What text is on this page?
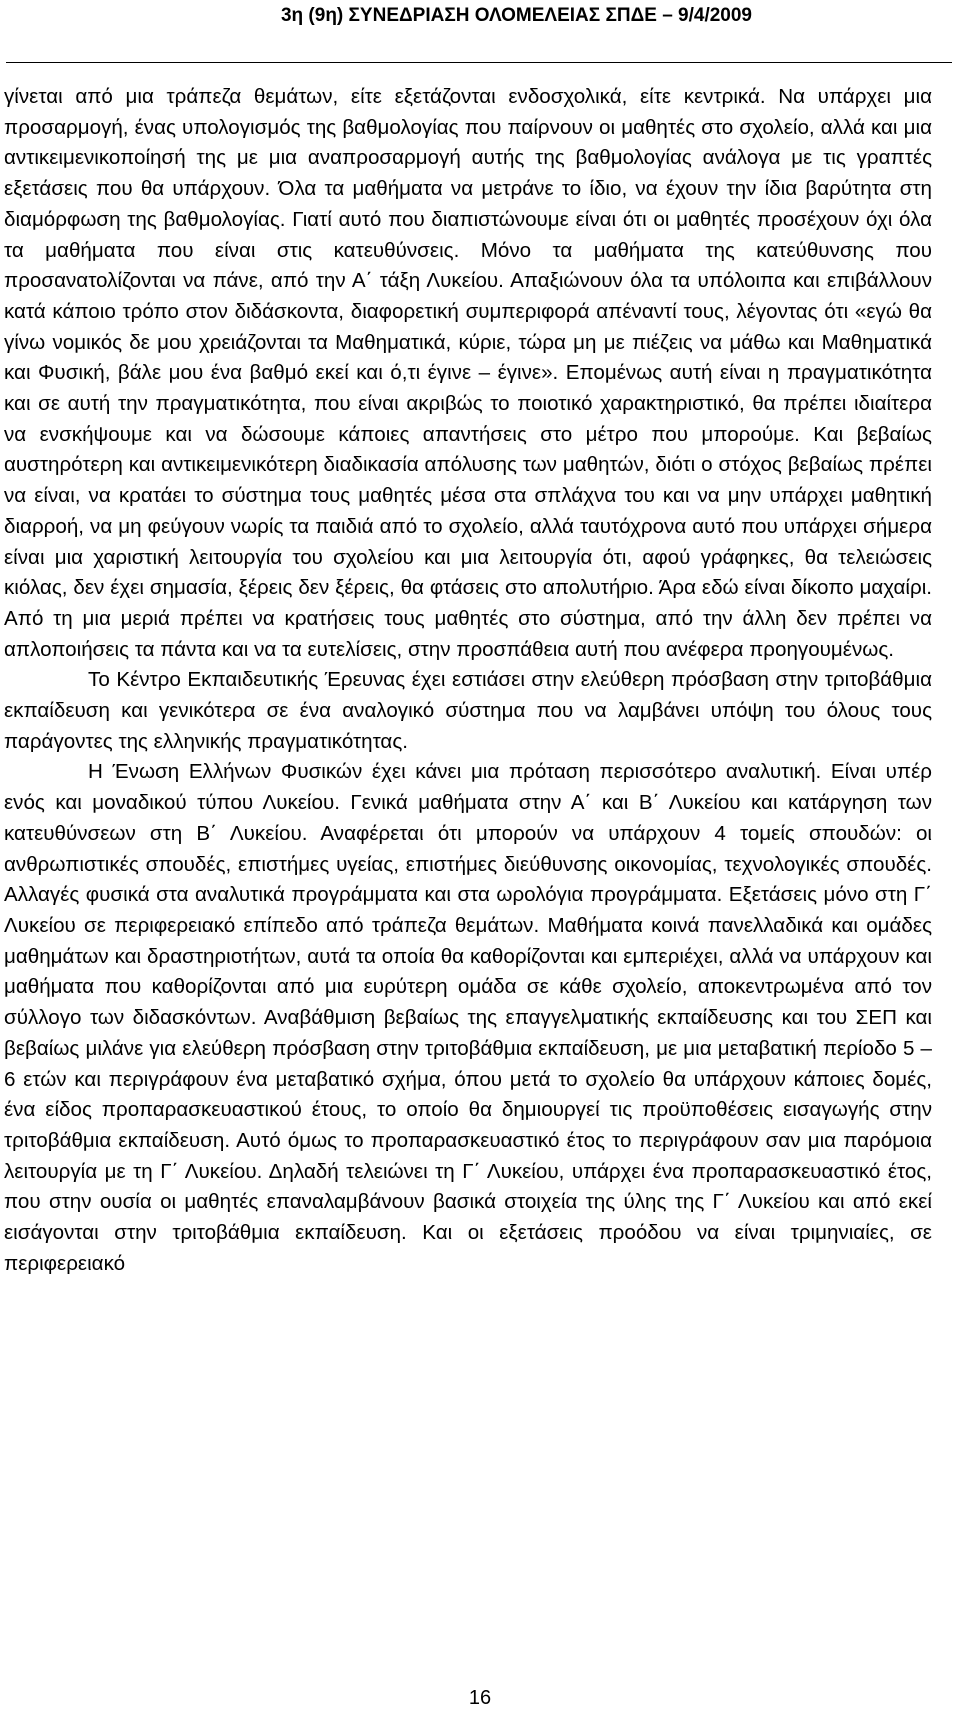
3η (9η) ΣΥΝΕΔΡΙΑΣΗ ΟΛΟΜΕΛΕΙΑΣ ΣΠΔΕ – 9/4/2009

γίνεται από μια τράπεζα θεμάτων, είτε εξετάζονται ενδοσχολικά, είτε κεντρικά. Να υπάρχει μια προσαρμογή, ένας υπολογισμός της βαθμολογίας που παίρνουν οι μαθητές στο σχολείο, αλλά και μια αντικειμενικοποίησή της με μια αναπροσαρμογή αυτής της βαθμολογίας ανάλογα με τις γραπτές εξετάσεις που θα υπάρχουν. Όλα τα μαθήματα να μετράνε το ίδιο, να έχουν την ίδια βαρύτητα στη διαμόρφωση της βαθμολογίας. Γιατί αυτό που διαπιστώνουμε είναι ότι οι μαθητές προσέχουν όχι όλα τα μαθήματα που είναι στις κατευθύνσεις. Μόνο τα μαθήματα της κατεύθυνσης που προσανατολίζονται να πάνε, από την Α΄ τάξη Λυκείου. Απαξιώνουν όλα τα υπόλοιπα και επιβάλλουν κατά κάποιο τρόπο στον διδάσκοντα, διαφορετική συμπεριφορά απέναντί τους, λέγοντας ότι «εγώ θα γίνω νομικός δε μου χρειάζονται τα Μαθηματικά, κύριε, τώρα μη με πιέζεις να μάθω και Μαθηματικά και Φυσική, βάλε μου ένα βαθμό εκεί και ό,τι έγινε – έγινε». Επομένως αυτή είναι η πραγματικότητα και σε αυτή την πραγματικότητα, που είναι ακριβώς το ποιοτικό χαρακτηριστικό, θα πρέπει ιδιαίτερα να ενσκήψουμε και να δώσουμε κάποιες απαντήσεις στο μέτρο που μπορούμε. Και βεβαίως αυστηρότερη και αντικειμενικότερη διαδικασία απόλυσης των μαθητών, διότι ο στόχος βεβαίως πρέπει να είναι, να κρατάει το σύστημα τους μαθητές μέσα στα σπλάχνα του και να μην υπάρχει μαθητική διαρροή, να μη φεύγουν νωρίς τα παιδιά από το σχολείο, αλλά ταυτόχρονα αυτό που υπάρχει σήμερα είναι μια χαριστική λειτουργία του σχολείου και μια λειτουργία ότι, αφού γράφηκες, θα τελειώσεις κιόλας, δεν έχει σημασία, ξέρεις δεν ξέρεις, θα φτάσεις στο απολυτήριο. Άρα εδώ είναι δίκοπο μαχαίρι. Από τη μια μεριά πρέπει να κρατήσεις τους μαθητές στο σύστημα, από την άλλη δεν πρέπει να απλοποιήσεις τα πάντα και να τα ευτελίσεις, στην προσπάθεια αυτή που ανέφερα προηγουμένως.

Το Κέντρο Εκπαιδευτικής Έρευνας έχει εστιάσει στην ελεύθερη πρόσβαση στην τριτοβάθμια εκπαίδευση και γενικότερα σε ένα αναλογικό σύστημα που να λαμβάνει υπόψη του όλους τους παράγοντες της ελληνικής πραγματικότητας.

Η Ένωση Ελλήνων Φυσικών έχει κάνει μια πρόταση περισσότερο αναλυτική. Είναι υπέρ ενός και μοναδικού τύπου Λυκείου. Γενικά μαθήματα στην Α΄ και Β΄ Λυκείου και κατάργηση των κατευθύνσεων στη Β΄ Λυκείου. Αναφέρεται ότι μπορούν να υπάρχουν 4 τομείς σπουδών: οι ανθρωπιστικές σπουδές, επιστήμες υγείας, επιστήμες διεύθυνσης οικονομίας, τεχνολογικές σπουδές. Αλλαγές φυσικά στα αναλυτικά προγράμματα και στα ωρολόγια προγράμματα. Εξετάσεις μόνο στη Γ΄ Λυκείου σε περιφερειακό επίπεδο από τράπεζα θεμάτων. Μαθήματα κοινά πανελλαδικά και ομάδες μαθημάτων και δραστηριοτήτων, αυτά τα οποία θα καθορίζονται και εμπεριέχει, αλλά να υπάρχουν και μαθήματα που καθορίζονται από μια ευρύτερη ομάδα σε κάθε σχολείο, αποκεντρωμένα από τον σύλλογο των διδασκόντων. Αναβάθμιση βεβαίως της επαγγελματικής εκπαίδευσης και του ΣΕΠ και βεβαίως μιλάνε για ελεύθερη πρόσβαση στην τριτοβάθμια εκπαίδευση, με μια μεταβατική περίοδο 5 – 6 ετών και περιγράφουν ένα μεταβατικό σχήμα, όπου μετά το σχολείο θα υπάρχουν κάποιες δομές, ένα είδος προπαρασκευαστικού έτους, το οποίο θα δημιουργεί τις προϋποθέσεις εισαγωγής στην τριτοβάθμια εκπαίδευση. Αυτό όμως το προπαρασκευαστικό έτος το περιγράφουν σαν μια παρόμοια λειτουργία με τη Γ΄ Λυκείου. Δηλαδή τελειώνει τη Γ΄ Λυκείου, υπάρχει ένα προπαρασκευαστικό έτος, που στην ουσία οι μαθητές επαναλαμβάνουν βασικά στοιχεία της ύλης της Γ΄ Λυκείου και από εκεί εισάγονται στην τριτοβάθμια εκπαίδευση. Και οι εξετάσεις προόδου να είναι τριμηνιαίες, σε περιφερειακό

16
